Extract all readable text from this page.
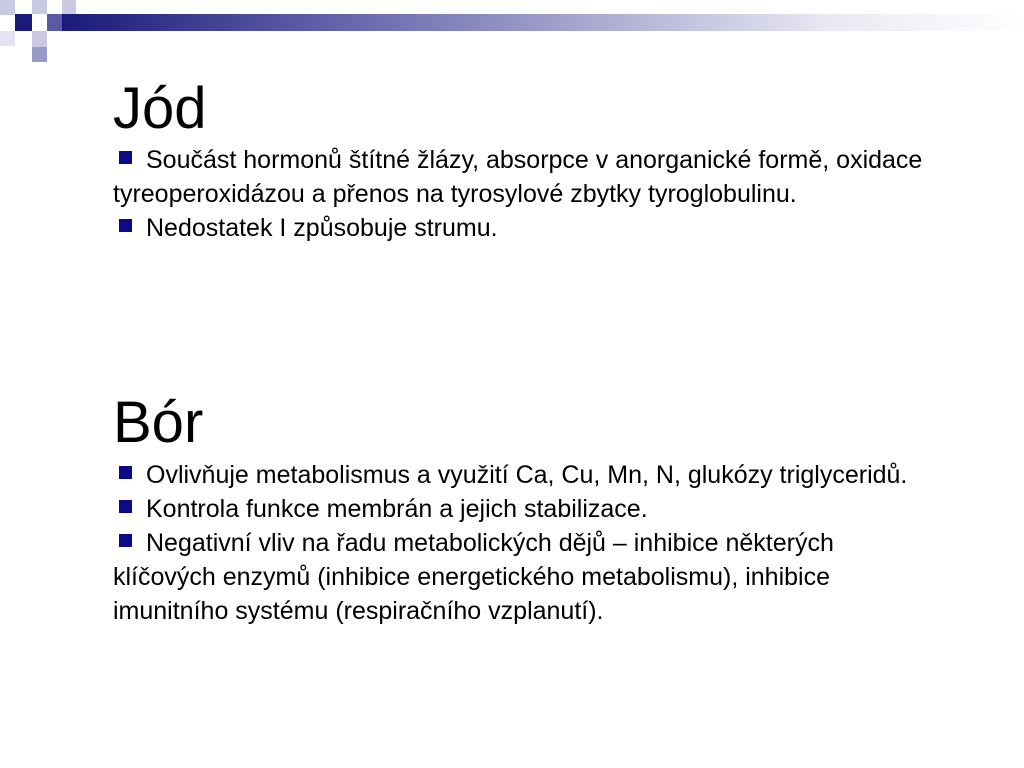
Jód
Součást hormonů štítné žlázy, absorpce v anorganické formě, oxidace tyreoperoxidázou a přenos na tyrosylové zbytky tyroglobulinu.
Nedostatek I způsobuje strumu.
Bór
Ovlivňuje metabolismus a využití Ca, Cu, Mn, N, glukózy triglyceridů.
Kontrola funkce membrán a jejich stabilizace.
Negativní vliv na řadu metabolických dějů – inhibice některých klíčových enzymů (inhibice energetického metabolismu), inhibice imunitního systému (respiračního vzplanutí).
